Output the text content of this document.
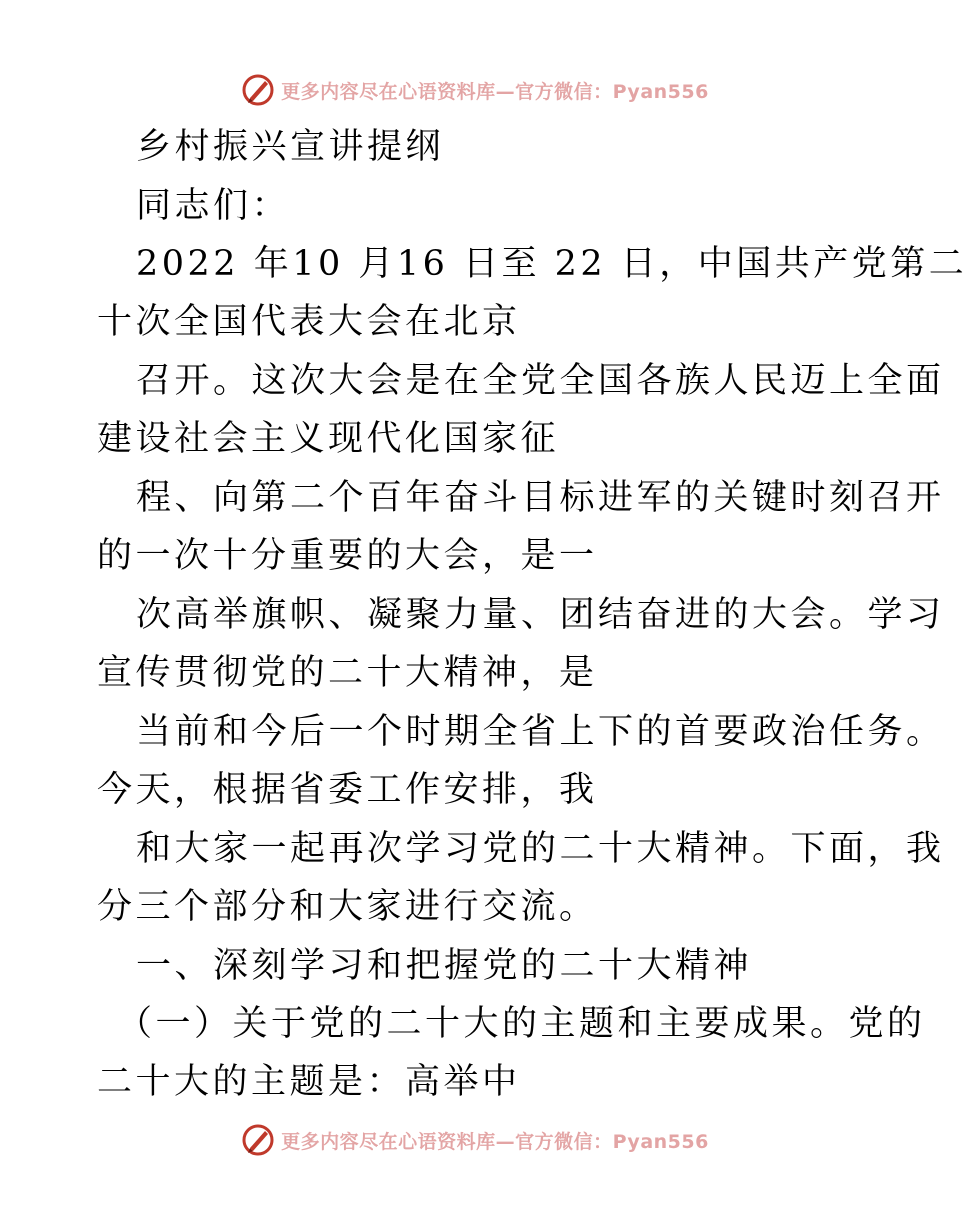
更多内容尽在心语资料库—官方微信：Pyan556
乡村振兴宣讲提纲
同志们：
2022 年10 月16 日至 22 日，中国共产党第二
十次全国代表大会在北京
召开。这次大会是在全党全国各族人民迈上全面
建设社会主义现代化国家征
程、向第二个百年奋斗目标进军的关键时刻召开
的一次十分重要的大会，是一
次高举旗帜、凝聚力量、团结奋进的大会。学习
宣传贯彻党的二十大精神，是
当前和今后一个时期全省上下的首要政治任务。
今天，根据省委工作安排，我
和大家一起再次学习党的二十大精神。下面，我
分三个部分和大家进行交流。
一、深刻学习和把握党的二十大精神
（一）关于党的二十大的主题和主要成果。党的
二十大的主题是：高举中
更多内容尽在心语资料库—官方微信：Pyan556
